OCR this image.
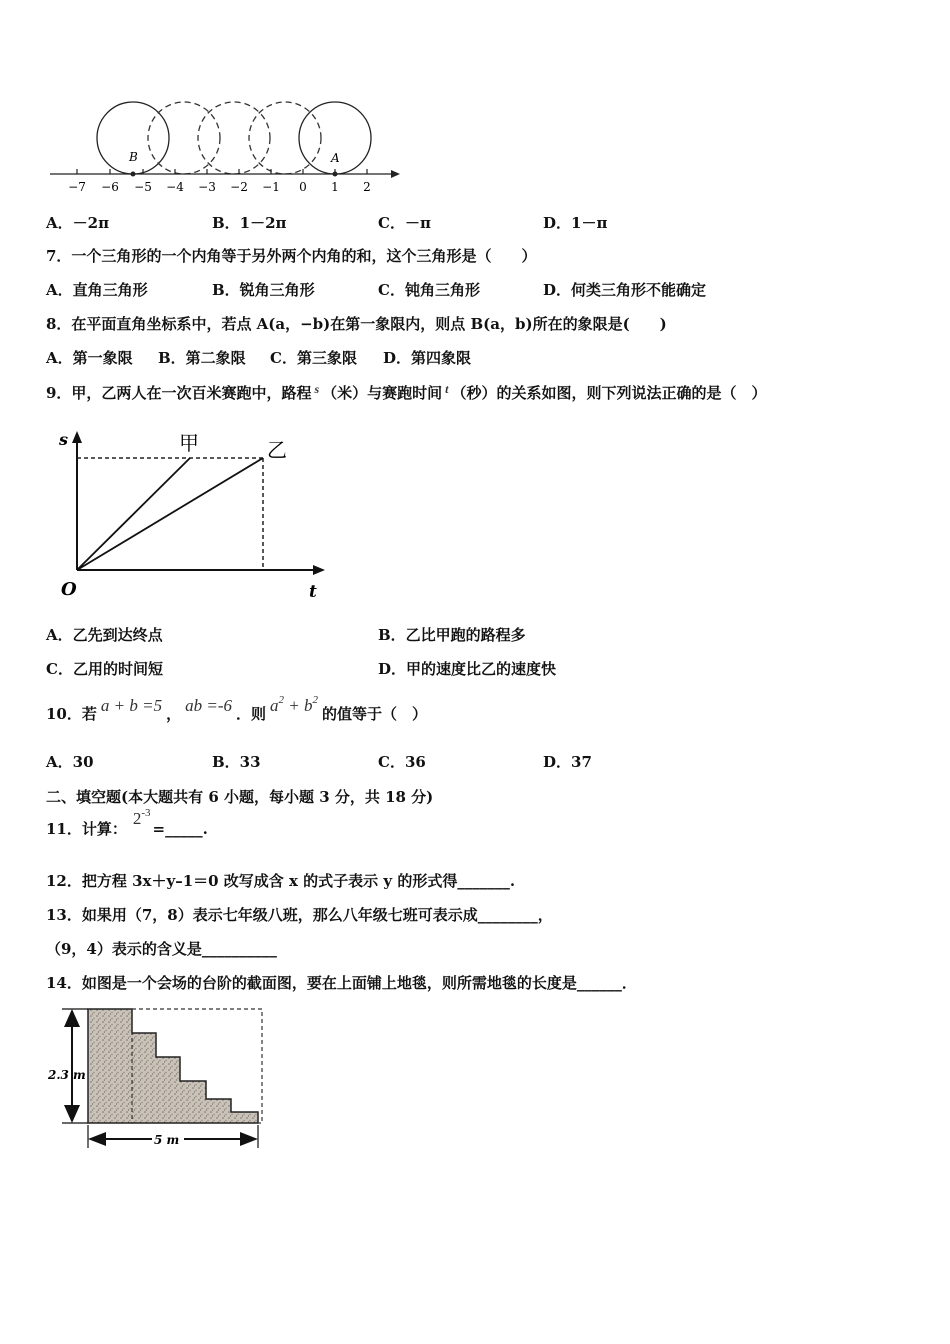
B	A
−7 −6 −5 −4 −3 −2 −1 0 1 2
A．－2π	B．1－2π	C．－π	D．1－π
7．一个三角形的一个内角等于另外两个内角的和，这个三角形是（　　）
A．直角三角形	B．锐角三角形	C．钝角三角形	D．何类三角形不能确定
8．在平面直角坐标系中，若点 A(a，−b)在第一象限内，则点 B(a，b)所在的象限是(　　)
A．第一象限 B．第二象限 C．第三象限 D．第四象限
9．甲，乙两人在一次百米赛跑中，路程 $^s$ （米）与赛跑时间 $^t$ （秒）的关系如图，则下列说法正确的是（　）
s
O	t
甲	乙
A．乙先到达终点	B．乙比甲跑的路程多
C．乙用的时间短	D．甲的速度比乙的速度快
10．若 a + b =5 ， ab =-6 ．则 $a^2 + b^2$的值等于（　）
A．30	B．33	C．36	D．37
二、填空题(本大题共有 6 小题，每小题 3 分，共 18 分)
11．计算：$2^{-3}=\_\_\_\_\_$.
12．把方程 3x＋y–1＝0 改写成含 x 的式子表示 y 的形式得_______.
13．如果用（7，8）表示七年级八班，那么八年级七班可表示成________，
（9，4）表示的含义是__________
14．如图是一个会场的台阶的截面图，要在上面铺上地毯，则所需地毯的长度是______．
2.3 m
5 m
